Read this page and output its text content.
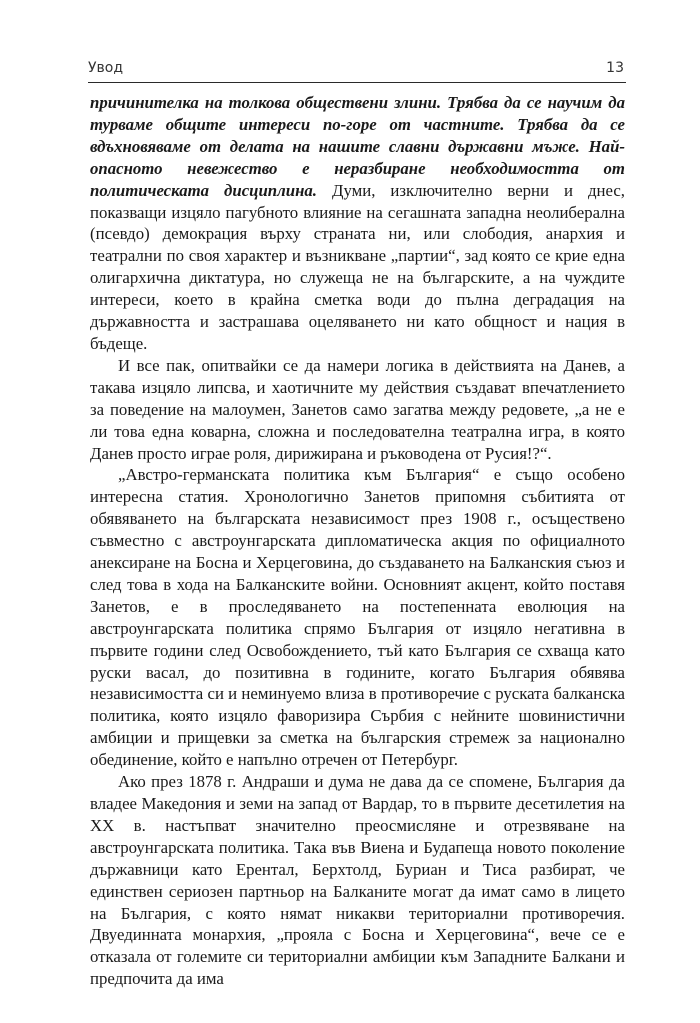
Увод	13

причинителка на толкова обществени злини. Трябва да се научим да турваме общите интереси по-горе от частните. Трябва да се вдъхновяваме от делата на нашите славни държавни мъже. Най-опасното невежество е неразбиране необходимостта от политическата дисциплина. Думи, изключително верни и днес, показващи изцяло пагубното влияние на сегашната западна неолиберална (псевдо) демокрация върху страната ни, или слободия, анархия и театрални по своя характер и възникване „партии“, зад която се крие една олигархична диктатура, но служеща не на българските, а на чуждите интереси, което в крайна сметка води до пълна деградация на държавността и застрашава оцеляването ни като общност и нация в бъдеще.

И все пак, опитвайки се да намери логика в действията на Данев, а такава изцяло липсва, и хаотичните му действия създават впечатлението за поведение на малоумен, Занетов само загатва между редовете, „а не е ли това една коварна, сложна и последователна театрална игра, в която Данев просто играе роля, дирижирана и ръководена от Русия!?“.

„Австро-германската политика към България“ е също особено интересна статия. Хронологично Занетов припомня събитията от обявяването на българската независимост през 1908 г., осъществено съвместно с австроунгарската дипломатическа акция по официалното анексиране на Босна и Херцеговина, до създаването на Балканския съюз и след това в хода на Балканските войни. Основният акцент, който поставя Занетов, е в проследяването на постепенната еволюция на австроунгарската политика спрямо България от изцяло негативна в първите години след Освобождението, тъй като България се схваща като руски васал, до позитивна в годините, когато България обявява независимостта си и неминуемо влиза в противоречие с руската балканска политика, която изцяло фаворизира Сърбия с нейните шовинистични амбиции и прищевки за сметка на българския стремеж за национално обединение, който е напълно отречен от Петербург.

Ако през 1878 г. Андраши и дума не дава да се спомене, България да владее Македония и земи на запад от Вардар, то в първите десетилетия на XX в. настъпват значително преосмисляне и отрезвяване на австроунгарската политика. Така във Виена и Будапеща новото поколение държавници като Ерентал, Берхтолд, Буриан и Тиса разбират, че единствен сериозен партньор на Балканите могат да имат само в лицето на България, с която нямат никакви териториални противоречия. Двуединната монархия, „прояла с Босна и Херцеговина“, вече се е отказала от големите си териториални амбиции към Западните Балкани и предпочита да има
